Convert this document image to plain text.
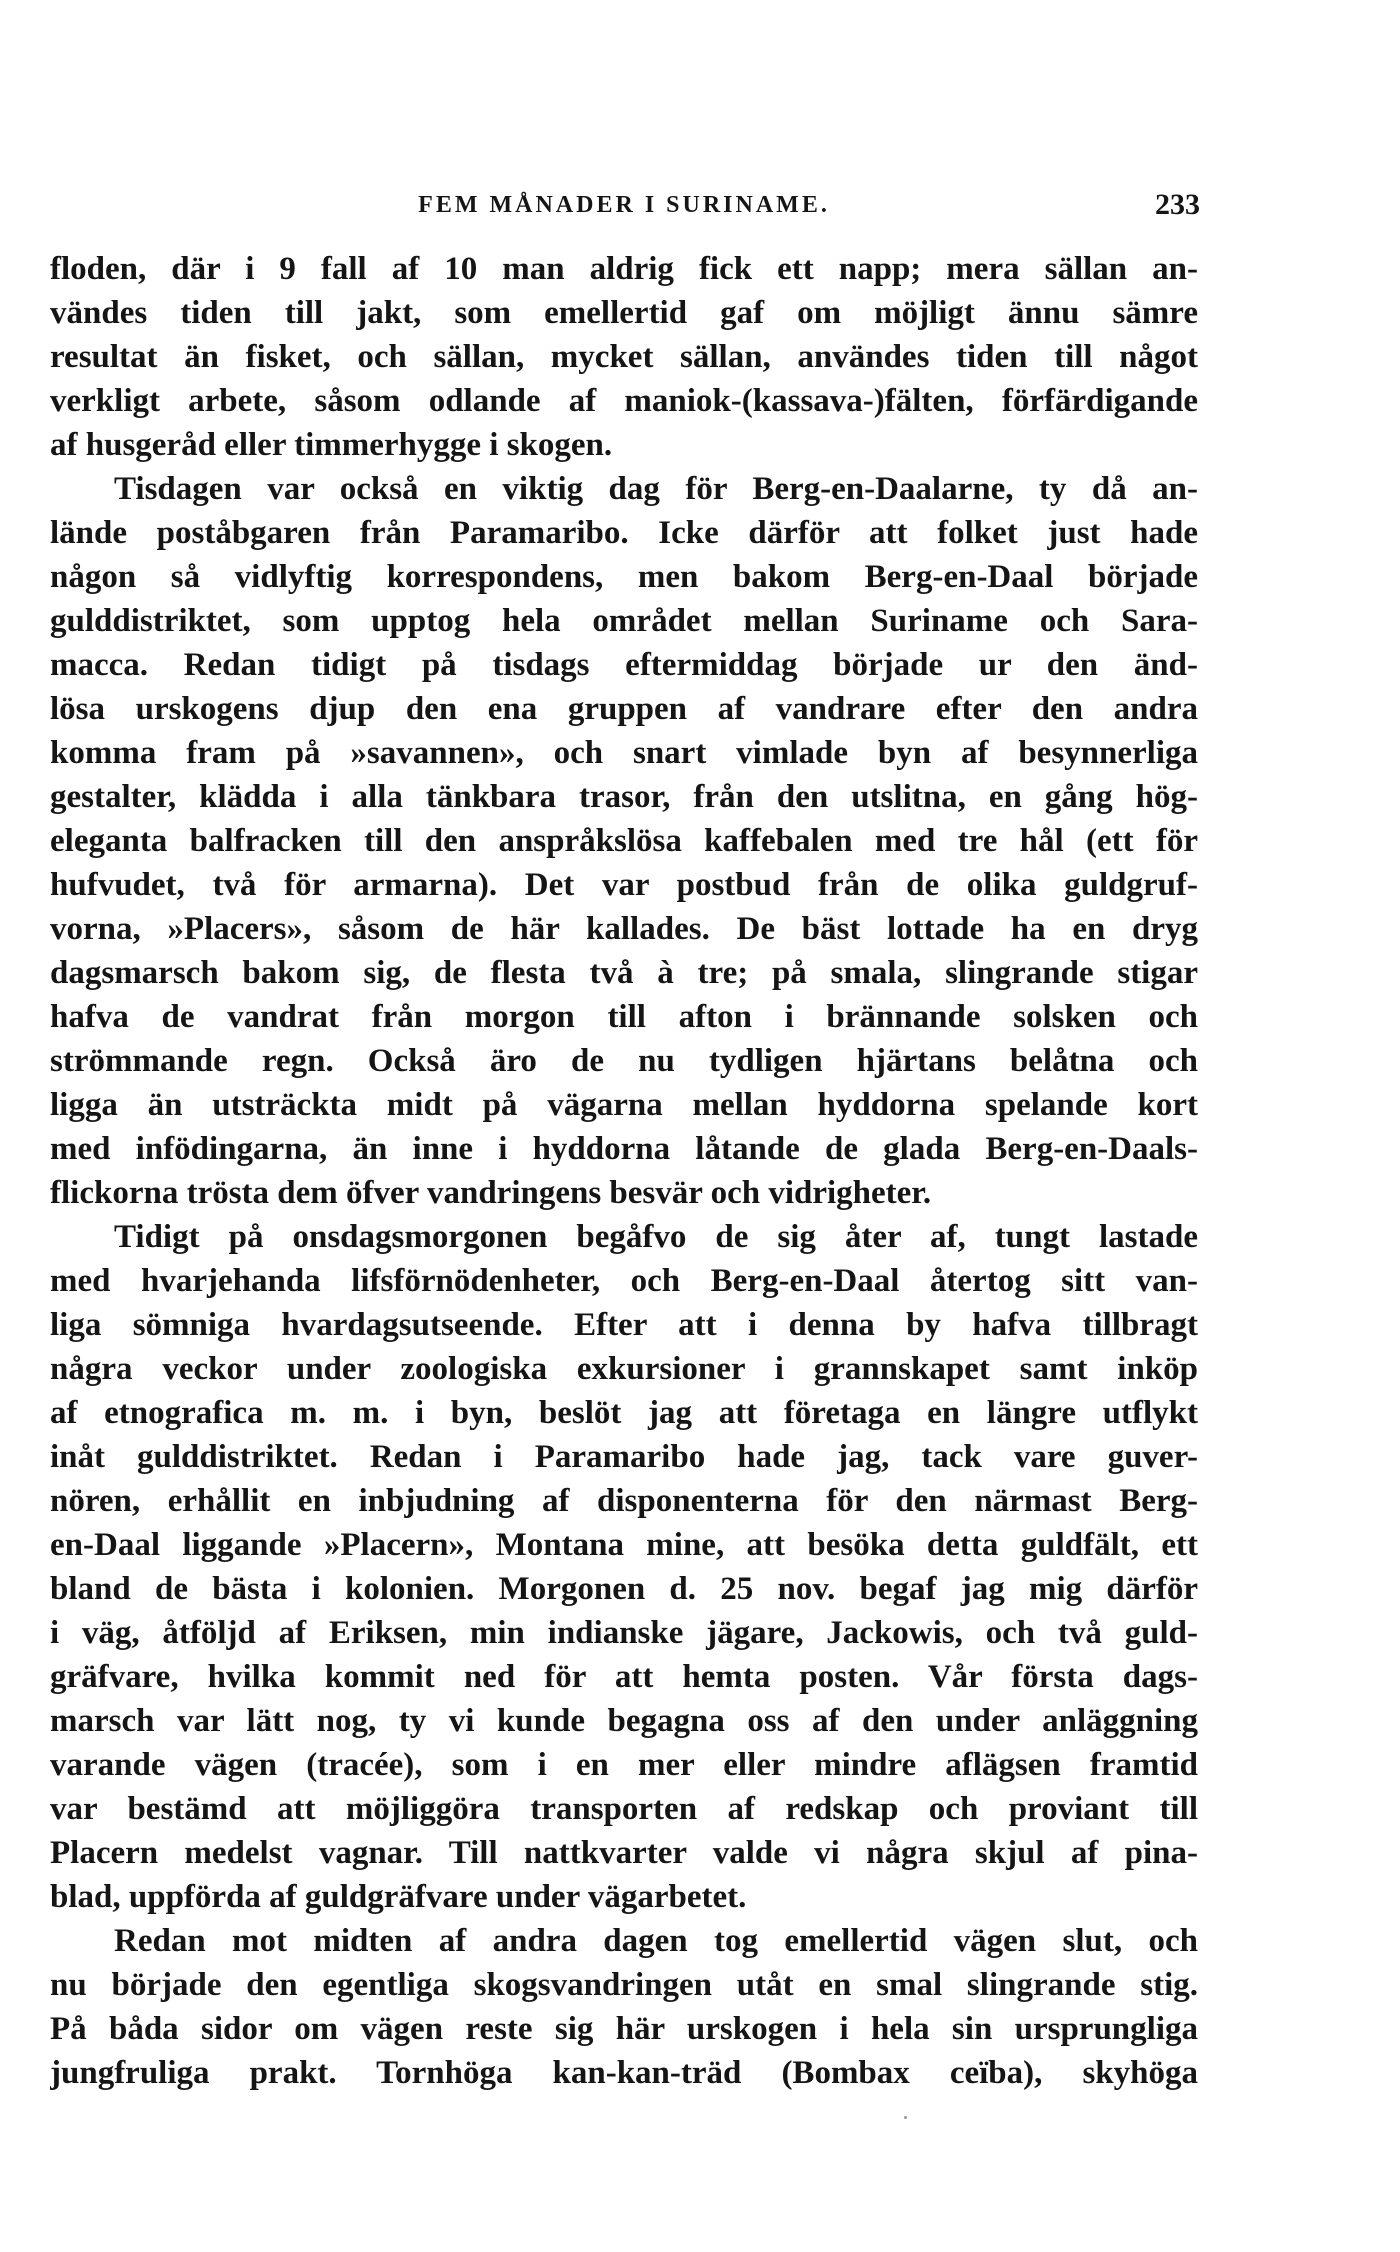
FEM MÅNADER I SURINAME.	233
floden, där i 9 fall af 10 man aldrig fick ett napp; mera sällan an-
vändes tiden till jakt, som emellertid gaf om möjligt ännu sämre
resultat än fisket, och sällan, mycket sällan, användes tiden till något
verkligt arbete, såsom odlande af maniok-(kassava-)fälten, förfärdigande
af husgeråd eller timmerhygge i skogen.
Tisdagen var också en viktig dag för Berg-en-Daalarne, ty då an-
lände poståbgaren från Paramaribo. Icke därför att folket just hade
någon så vidlyftig korrespondens, men bakom Berg-en-Daal började
gulddistriktet, som upptog hela området mellan Suriname och Sara-
macca. Redan tidigt på tisdags eftermiddag började ur den änd-
lösa urskogens djup den ena gruppen af vandrare efter den andra
komma fram på »savannen», och snart vimlade byn af besynnerliga
gestalter, klädda i alla tänkbara trasor, från den utslitna, en gång hög-
eleganta balfracken till den anspråkslösa kaffebalen med tre hål (ett för
hufvudet, två för armarna). Det var postbud från de olika guldgruf-
vorna, »Placers», såsom de här kallades. De bäst lottade ha en dryg
dagsmarsch bakom sig, de flesta två à tre; på smala, slingrande stigar
hafva de vandrat från morgon till afton i brännande solsken och
strömmande regn. Också äro de nu tydligen hjärtans belåtna och
ligga än utsträckta midt på vägarna mellan hyddorna spelande kort
med infödingarna, än inne i hyddorna låtande de glada Berg-en-Daals-
flickorna trösta dem öfver vandringens besvär och vidrigheter.
Tidigt på onsdagsmorgonen begåfvo de sig åter af, tungt lastade
med hvarjehanda lifsförnödenheter, och Berg-en-Daal återtog sitt van-
liga sömniga hvardagsutseende. Efter att i denna by hafva tillbragt
några veckor under zoologiska exkursioner i grannskapet samt inköp
af etnografica m. m. i byn, beslöt jag att företaga en längre utflykt
inåt gulddistriktet. Redan i Paramaribo hade jag, tack vare guver-
nören, erhållit en inbjudning af disponenterna för den närmast Berg-
en-Daal liggande »Placern», Montana mine, att besöka detta guldfält, ett
bland de bästa i kolonien. Morgonen d. 25 nov. begaf jag mig därför
i väg, åtföljd af Eriksen, min indianske jägare, Jackowis, och två guld-
gräfvare, hvilka kommit ned för att hemta posten. Vår första dags-
marsch var lätt nog, ty vi kunde begagna oss af den under anläggning
varande vägen (tracée), som i en mer eller mindre aflägsen framtid
var bestämd att möjliggöra transporten af redskap och proviant till
Placern medelst vagnar. Till nattkvarter valde vi några skjul af pina-
blad, uppförda af guldgräfvare under vägarbetet.
Redan mot midten af andra dagen tog emellertid vägen slut, och
nu började den egentliga skogsvandringen utåt en smal slingrande stig.
På båda sidor om vägen reste sig här urskogen i hela sin ursprungliga
jungfruliga prakt. Tornhöga kan-kan-träd (Bombax ceïba), skyhöga
